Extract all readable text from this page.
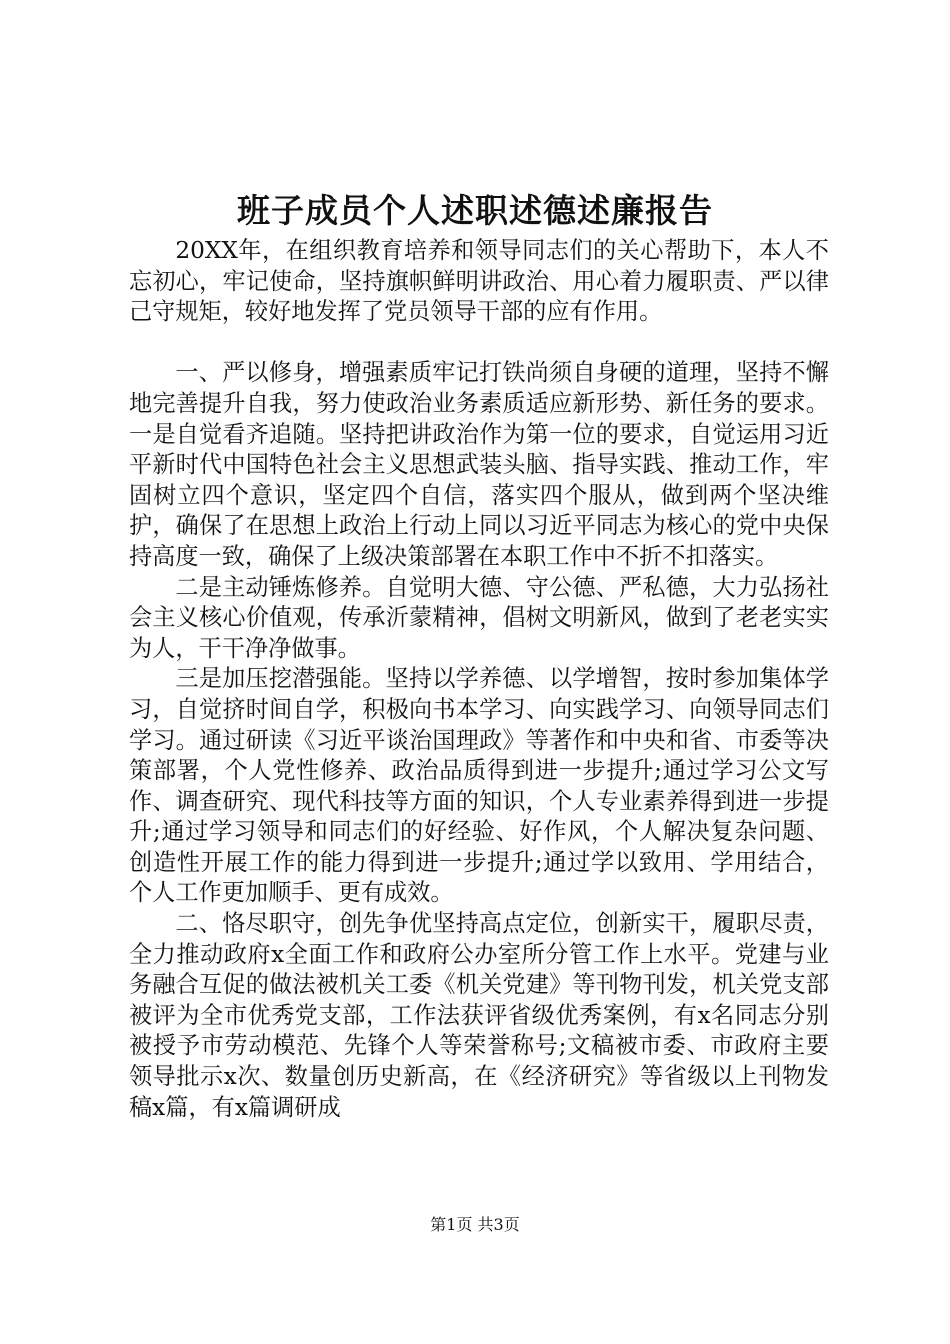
班子成员个人述职述德述廉报告

20XX年，在组织教育培养和领导同志们的关心帮助下，本人不忘初心，牢记使命，坚持旗帜鲜明讲政治、用心着力履职责、严以律己守规矩，较好地发挥了党员领导干部的应有作用。

一、严以修身，增强素质牢记打铁尚须自身硬的道理，坚持不懈地完善提升自我，努力使政治业务素质适应新形势、新任务的要求。一是自觉看齐追随。坚持把讲政治作为第一位的要求，自觉运用习近平新时代中国特色社会主义思想武装头脑、指导实践、推动工作，牢固树立四个意识，坚定四个自信，落实四个服从，做到两个坚决维护，确保了在思想上政治上行动上同以习近平同志为核心的党中央保持高度一致，确保了上级决策部署在本职工作中不折不扣落实。

二是主动锤炼修养。自觉明大德、守公德、严私德，大力弘扬社会主义核心价值观，传承沂蒙精神，倡树文明新风，做到了老老实实为人，干干净净做事。

三是加压挖潜强能。坚持以学养德、以学增智，按时参加集体学习，自觉挤时间自学，积极向书本学习、向实践学习、向领导同志们学习。通过研读《习近平谈治国理政》等著作和中央和省、市委等决策部署，个人党性修养、政治品质得到进一步提升;通过学习公文写作、调查研究、现代科技等方面的知识，个人专业素养得到进一步提升;通过学习领导和同志们的好经验、好作风，个人解决复杂问题、创造性开展工作的能力得到进一步提升;通过学以致用、学用结合，个人工作更加顺手、更有成效。

二、恪尽职守，创先争优坚持高点定位，创新实干，履职尽责，全力推动政府x全面工作和政府公办室所分管工作上水平。党建与业务融合互促的做法被机关工委《机关党建》等刊物刊发，机关党支部被评为全市优秀党支部，工作法获评省级优秀案例，有x名同志分别被授予市劳动模范、先锋个人等荣誉称号;文稿被市委、市政府主要领导批示x次、数量创历史新高，在《经济研究》等省级以上刊物发稿x篇，有x篇调研成

第1页 共3页
